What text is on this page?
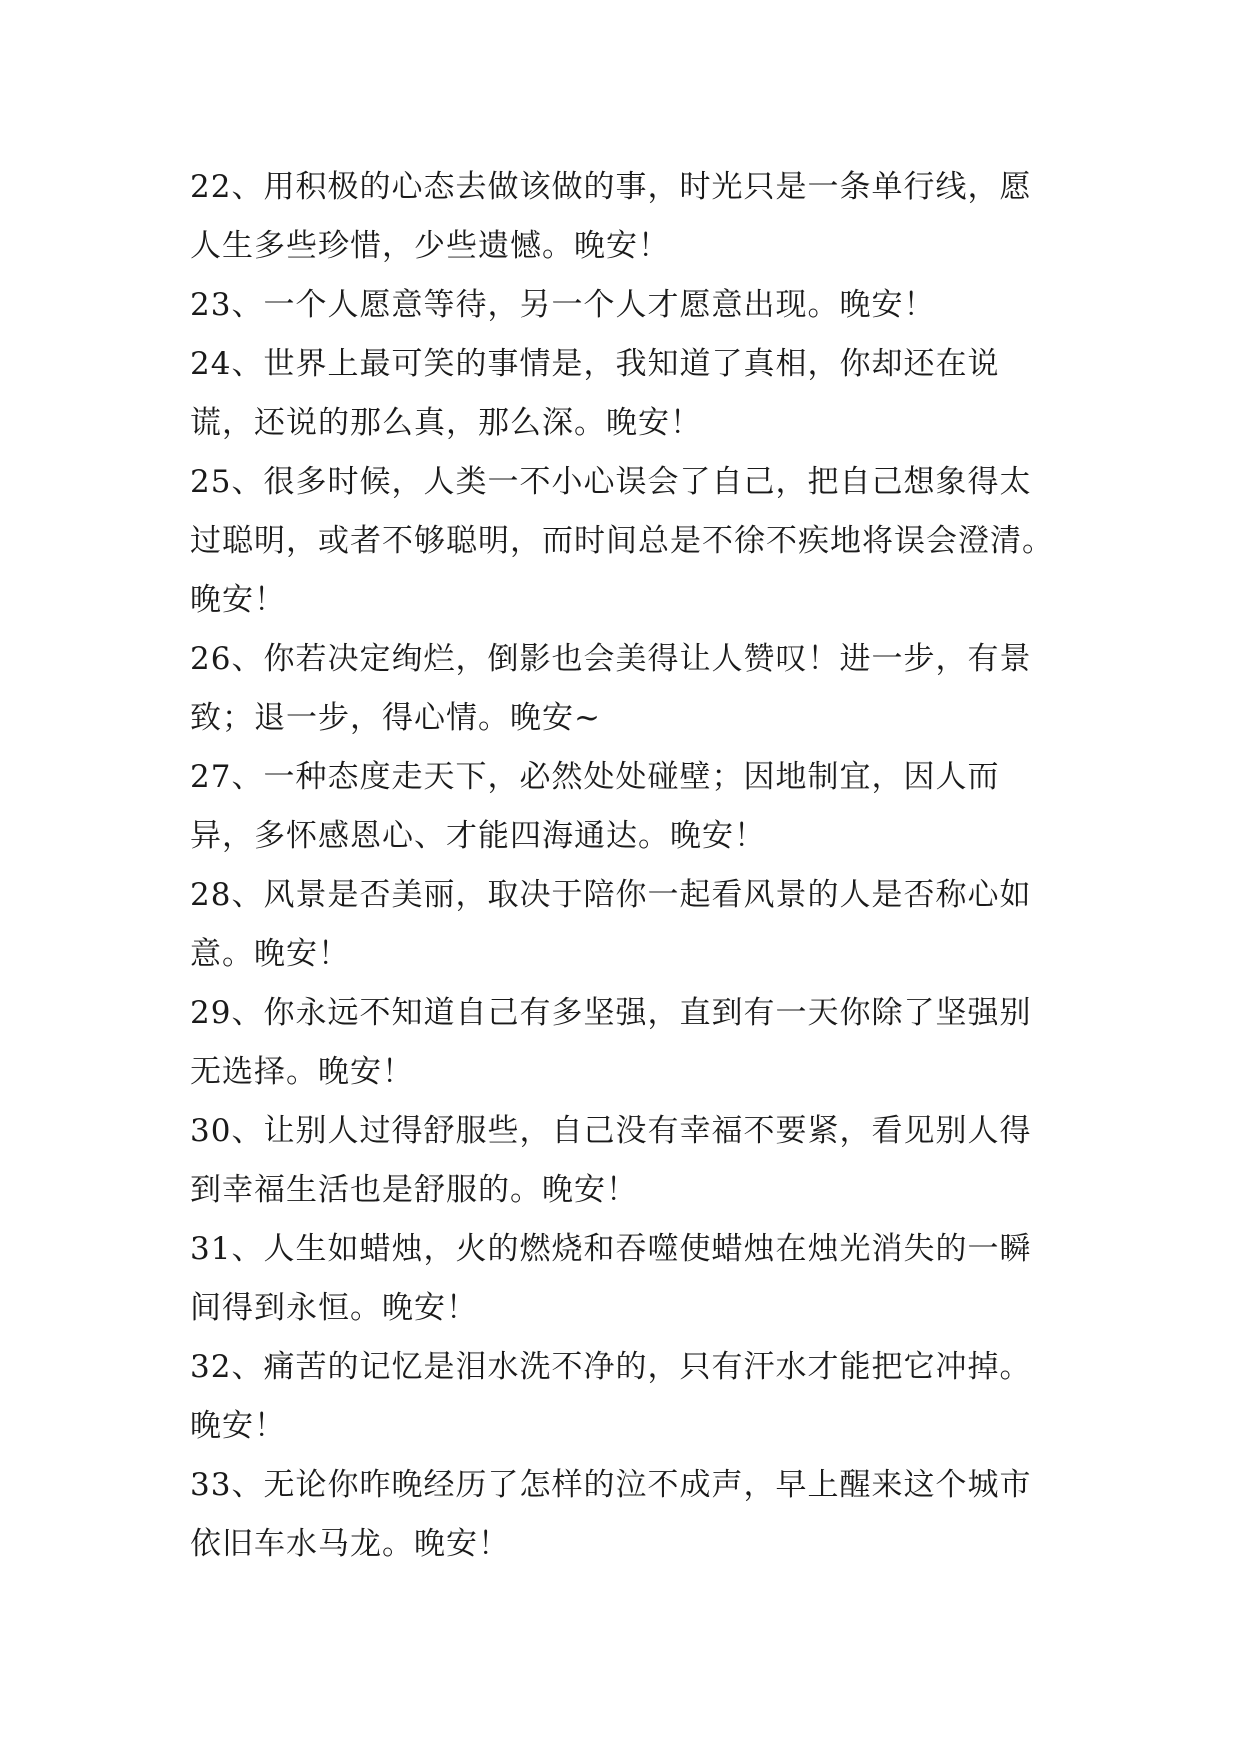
22、用积极的心态去做该做的事，时光只是一条单行线，愿人生多些珍惜，少些遗憾。晚安！

23、一个人愿意等待，另一个人才愿意出现。晚安！

24、世界上最可笑的事情是，我知道了真相，你却还在说谎，还说的那么真，那么深。晚安！

25、很多时候，人类一不小心误会了自己，把自己想象得太过聪明，或者不够聪明，而时间总是不徐不疾地将误会澄清。晚安！

26、你若决定绚烂，倒影也会美得让人赞叹！进一步，有景致；退一步，得心情。晚安~

27、一种态度走天下，必然处处碰壁；因地制宜，因人而异，多怀感恩心、才能四海通达。晚安！

28、风景是否美丽，取决于陪你一起看风景的人是否称心如意。晚安！

29、你永远不知道自己有多坚强，直到有一天你除了坚强别无选择。晚安！

30、让别人过得舒服些，自己没有幸福不要紧，看见别人得到幸福生活也是舒服的。晚安！

31、人生如蜡烛，火的燃烧和吞噬使蜡烛在烛光消失的一瞬间得到永恒。晚安！

32、痛苦的记忆是泪水洗不净的，只有汗水才能把它冲掉。晚安！

33、无论你昨晚经历了怎样的泣不成声，早上醒来这个城市依旧车水马龙。晚安！
